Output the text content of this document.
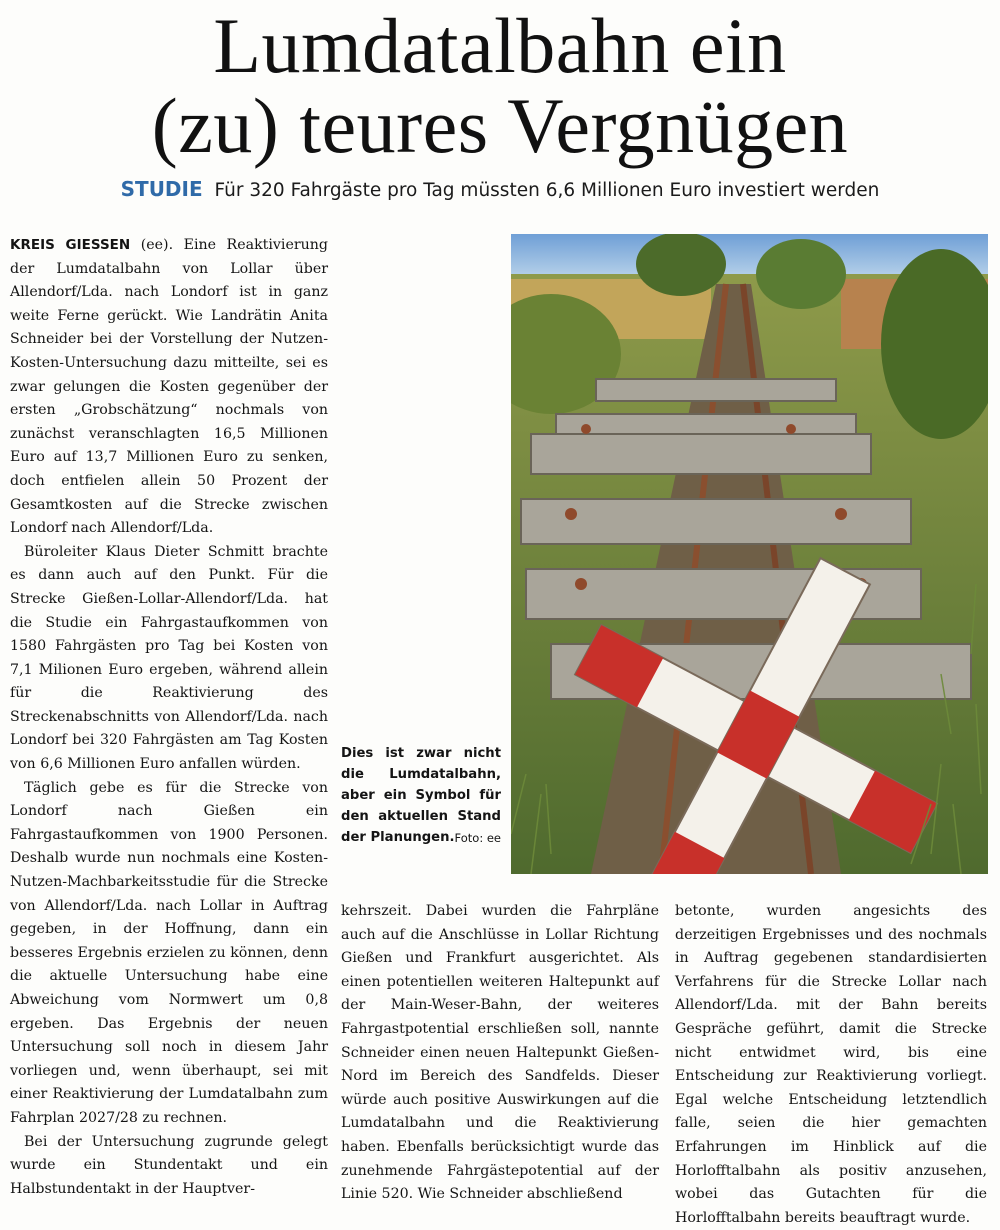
Lumdatalbahn ein
(zu) teures Vergnügen
STUDIE Für 320 Fahrgäste pro Tag müssten 6,6 Millionen Euro investiert werden

KREIS GIESSEN (ee). Eine Reaktivierung der Lumdatalbahn von Lollar über Allendorf/Lda. nach Londorf ist in ganz weite Ferne gerückt. Wie Landrätin Anita Schneider bei der Vorstellung der Nutzen-Kosten-Untersuchung dazu mitteilte, sei es zwar gelungen die Kosten gegenüber der ersten „Grobschätzung“ nochmals von zunächst veranschlagten 16,5 Millionen Euro auf 13,7 Millionen Euro zu senken, doch entfielen allein 50 Prozent der Gesamtkosten auf die Strecke zwischen Londorf nach Allendorf/Lda.

Büroleiter Klaus Dieter Schmitt brachte es dann auch auf den Punkt. Für die Strecke Gießen-Lollar-Allendorf/Lda. hat die Studie ein Fahrgastaufkommen von 1580 Fahrgästen pro Tag bei Kosten von 7,1 Milionen Euro ergeben, während allein für die Reaktivierung des Streckenabschnitts von Allendorf/Lda. nach Londorf bei 320 Fahrgästen am Tag Kosten von 6,6 Millionen Euro anfallen würden.

Täglich gebe es für die Strecke von Londorf nach Gießen ein Fahrgastaufkommen von 1900 Personen. Deshalb wurde nun nochmals eine Kosten-Nutzen-Machbarkeitsstudie für die Strecke von Allendorf/Lda. nach Lollar in Auftrag gegeben, in der Hoffnung, dann ein besseres Ergebnis erzielen zu können, denn die aktuelle Untersuchung habe eine Abweichung vom Normwert um 0,8 ergeben. Das Ergebnis der neuen Untersuchung soll noch in diesem Jahr vorliegen und, wenn überhaupt, sei mit einer Reaktivierung der Lumdatalbahn zum Fahrplan 2027/28 zu rechnen.

Bei der Untersuchung zugrunde gelegt wurde ein Stundentakt und ein Halbstundentakt in der Hauptver-

Dies ist zwar nicht die Lumdatalbahn, aber ein Symbol für den aktuellen Stand der Planungen. Foto: ee

kehrszeit. Dabei wurden die Fahrpläne auch auf die Anschlüsse in Lollar Richtung Gießen und Frankfurt ausgerichtet. Als einen potentiellen weiteren Haltepunkt auf der Main-Weser-Bahn, der weiteres Fahrgastpotential erschließen soll, nannte Schneider einen neuen Haltepunkt Gießen-Nord im Bereich des Sandfelds. Dieser würde auch positive Auswirkungen auf die Lumdatalbahn und die Reaktivierung haben. Ebenfalls berücksichtigt wurde das zunehmende Fahrgästepotential auf der Linie 520. Wie Schneider abschließend

betonte, wurden angesichts des derzeitigen Ergebnisses und des nochmals in Auftrag gegebenen standardisierten Verfahrens für die Strecke Lollar nach Allendorf/Lda. mit der Bahn bereits Gespräche geführt, damit die Strecke nicht entwidmet wird, bis eine Entscheidung zur Reaktivierung vorliegt. Egal welche Entscheidung letztendlich falle, seien die hier gemachten Erfahrungen im Hinblick auf die Horlofftalbahn als positiv anzusehen, wobei das Gutachten für die Horlofftalbahn bereits beauftragt wurde.
